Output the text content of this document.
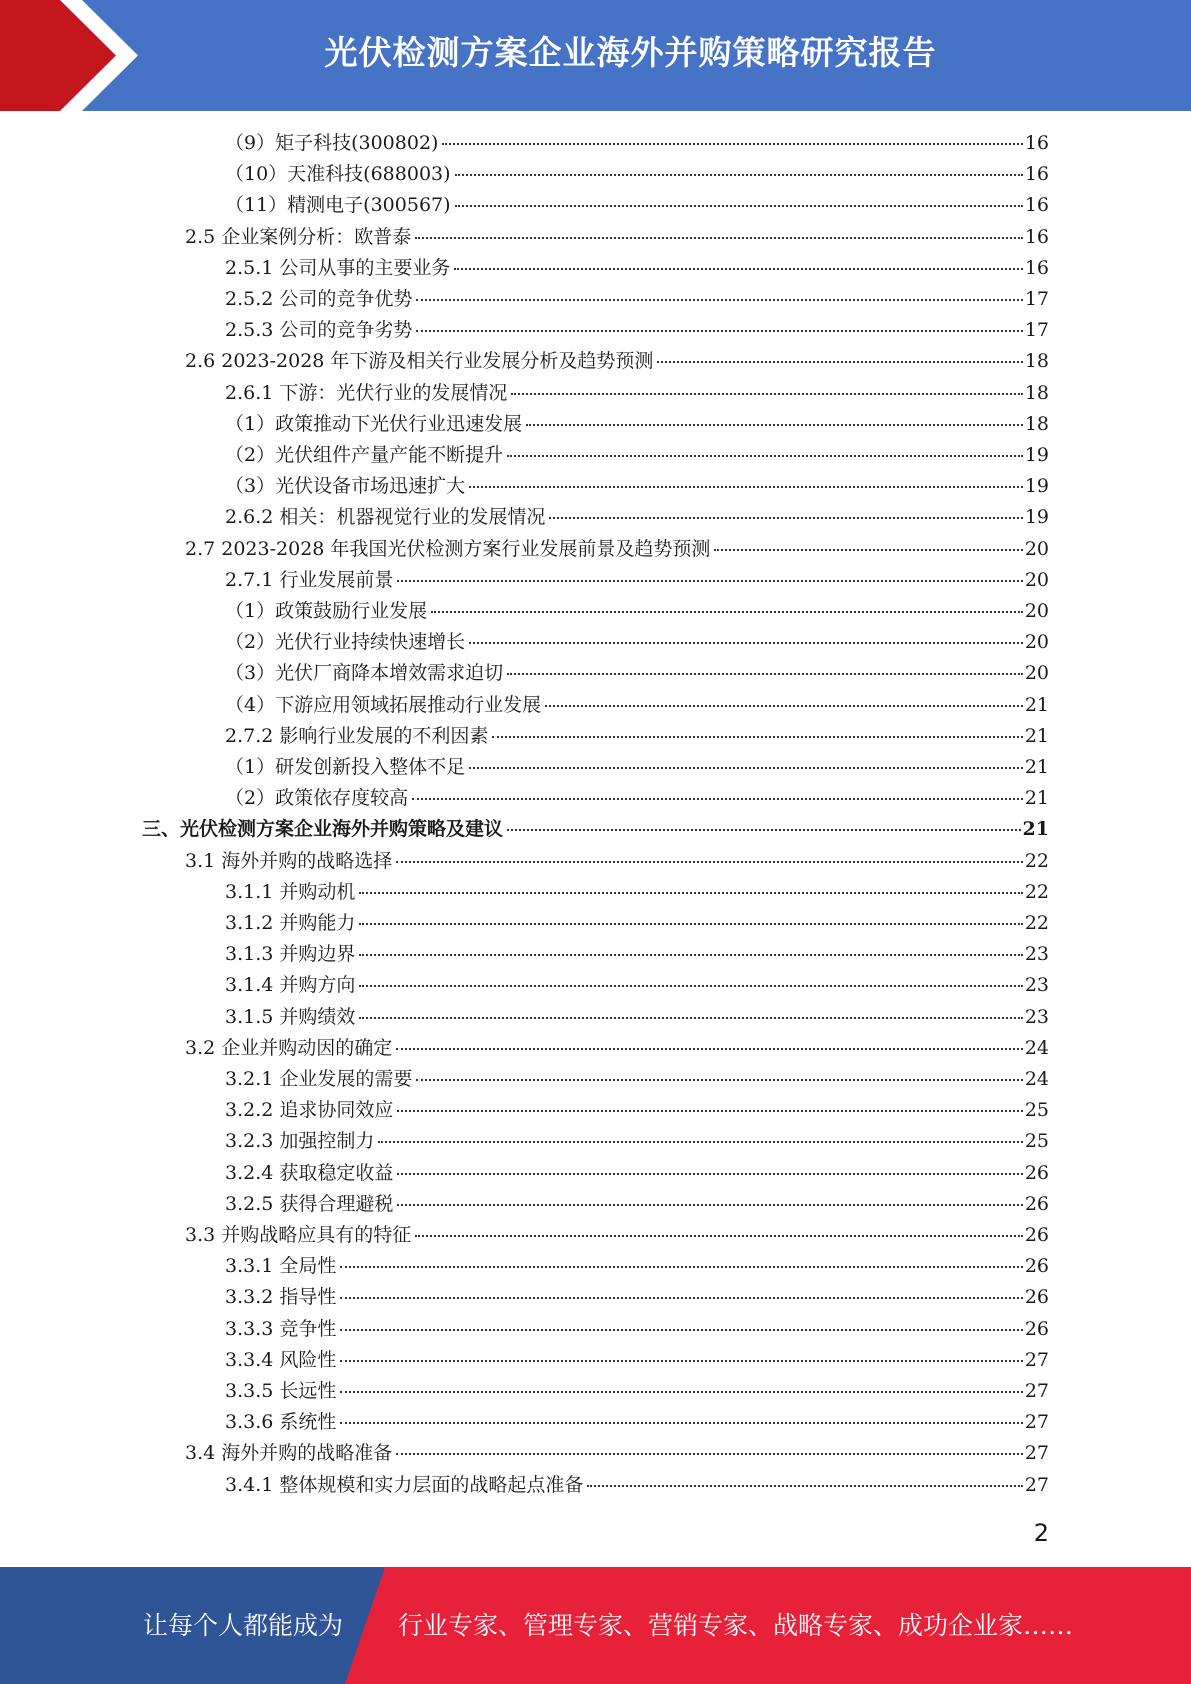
光伏检测方案企业海外并购策略研究报告
（9）矩子科技(300802)	16
（10）天准科技(688003)	16
（11）精测电子(300567)	16
2.5 企业案例分析：欧普泰	16
2.5.1 公司从事的主要业务	16
2.5.2 公司的竞争优势	17
2.5.3 公司的竞争劣势	17
2.6 2023-2028 年下游及相关行业发展分析及趋势预测	18
2.6.1 下游：光伏行业的发展情况	18
（1）政策推动下光伏行业迅速发展	18
（2）光伏组件产量产能不断提升	19
（3）光伏设备市场迅速扩大	19
2.6.2 相关：机器视觉行业的发展情况	19
2.7 2023-2028 年我国光伏检测方案行业发展前景及趋势预测	20
2.7.1 行业发展前景	20
（1）政策鼓励行业发展	20
（2）光伏行业持续快速增长	20
（3）光伏厂商降本增效需求迫切	20
（4）下游应用领域拓展推动行业发展	21
2.7.2 影响行业发展的不利因素	21
（1）研发创新投入整体不足	21
（2）政策依存度较高	21
三、光伏检测方案企业海外并购策略及建议	21
3.1 海外并购的战略选择	22
3.1.1 并购动机	22
3.1.2 并购能力	22
3.1.3 并购边界	23
3.1.4 并购方向	23
3.1.5 并购绩效	23
3.2 企业并购动因的确定	24
3.2.1 企业发展的需要	24
3.2.2 追求协同效应	25
3.2.3 加强控制力	25
3.2.4 获取稳定收益	26
3.2.5 获得合理避税	26
3.3 并购战略应具有的特征	26
3.3.1 全局性	26
3.3.2 指导性	26
3.3.3 竞争性	26
3.3.4 风险性	27
3.3.5 长远性	27
3.3.6 系统性	27
3.4 海外并购的战略准备	27
3.4.1 整体规模和实力层面的战略起点准备	27
2
让每个人都能成为 行业专家、管理专家、营销专家、战略专家、成功企业家……
